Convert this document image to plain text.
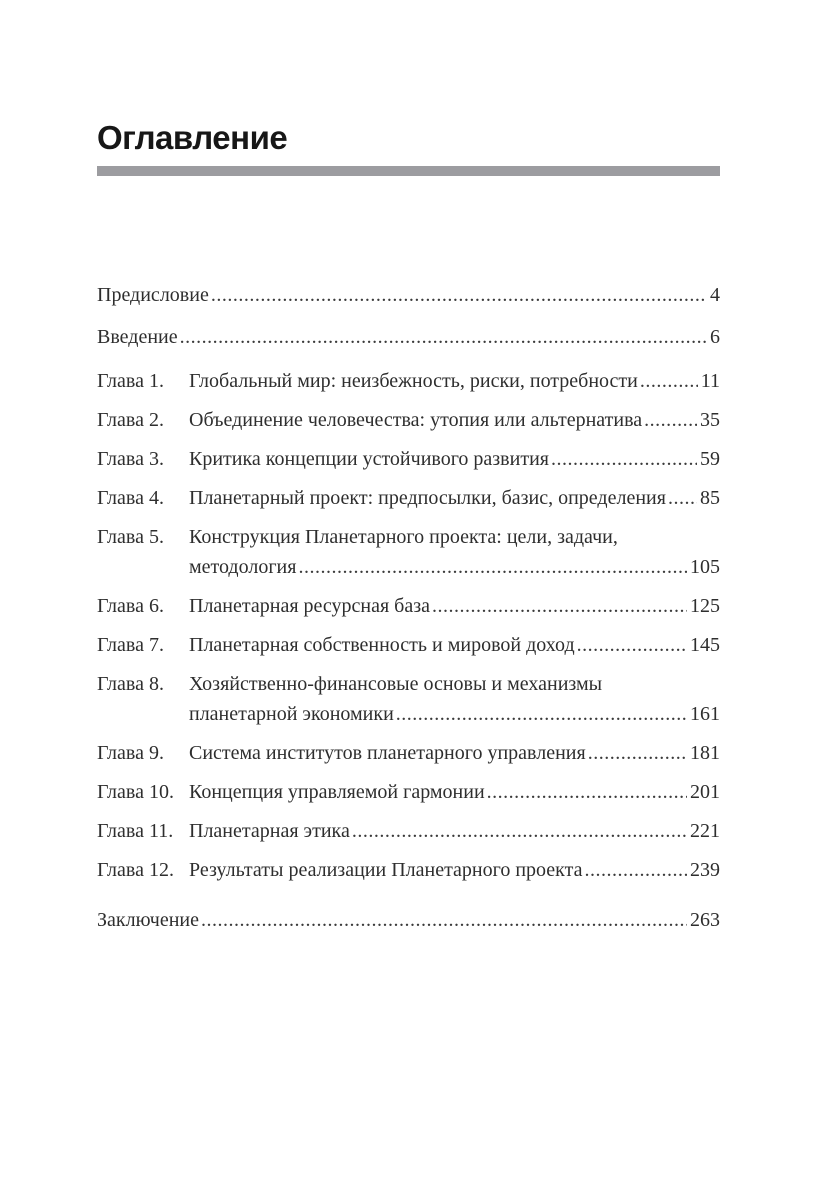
Оглавление
Предисловие .....	4
Введение .....	6
Глава 1.	Глобальный мир: неизбежность, риски, потребности .....	11
Глава 2.	Объединение человечества: утопия или альтернатива .....	35
Глава 3.	Критика концепции устойчивого развития .....	59
Глава 4.	Планетарный проект: предпосылки, базис, определения ..... 85
Глава 5.	Конструкция Планетарного проекта: цели, задачи,
методология .....	105
Глава 6.	Планетарная ресурсная база .....	125
Глава 7.	Планетарная собственность и мировой доход .....	145
Глава 8.	Хозяйственно-финансовые основы и механизмы
планетарной экономики .....	161
Глава 9.	Система институтов планетарного управления .....	181
Глава 10. Концепция управляемой гармонии .....	201
Глава 11. Планетарная этика .....	221
Глава 12. Результаты реализации Планетарного проекта .....	239
Заключение .....	263
